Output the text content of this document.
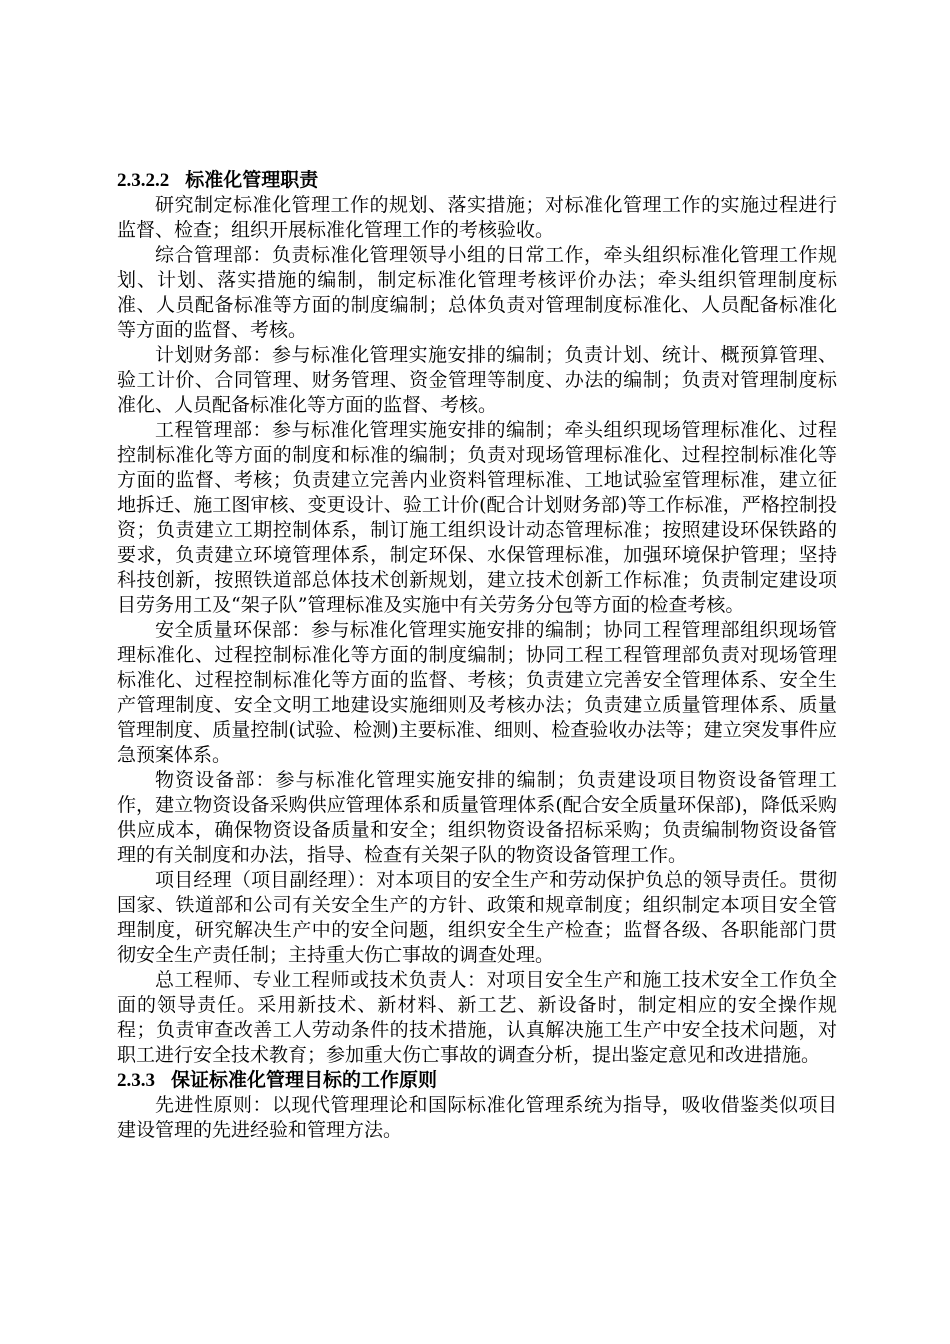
2.3.2.2 标准化管理职责

研究制定标准化管理工作的规划、落实措施；对标准化管理工作的实施过程进行监督、检查；组织开展标准化管理工作的考核验收。

综合管理部：负责标准化管理领导小组的日常工作，牵头组织标准化管理工作规划、计划、落实措施的编制，制定标准化管理考核评价办法；牵头组织管理制度标准、人员配备标准等方面的制度编制；总体负责对管理制度标准化、人员配备标准化等方面的监督、考核。

计划财务部：参与标准化管理实施安排的编制；负责计划、统计、概预算管理、验工计价、合同管理、财务管理、资金管理等制度、办法的编制；负责对管理制度标准化、人员配备标准化等方面的监督、考核。

工程管理部：参与标准化管理实施安排的编制；牵头组织现场管理标准化、过程控制标准化等方面的制度和标准的编制；负责对现场管理标准化、过程控制标准化等方面的监督、考核；负责建立完善内业资料管理标准、工地试验室管理标准，建立征地拆迁、施工图审核、变更设计、验工计价(配合计划财务部)等工作标准，严格控制投资；负责建立工期控制体系，制订施工组织设计动态管理标准；按照建设环保铁路的要求，负责建立环境管理体系，制定环保、水保管理标准，加强环境保护管理；坚持科技创新，按照铁道部总体技术创新规划，建立技术创新工作标准；负责制定建设项目劳务用工及“架子队”管理标准及实施中有关劳务分包等方面的检查考核。

安全质量环保部：参与标准化管理实施安排的编制；协同工程管理部组织现场管理标准化、过程控制标准化等方面的制度编制；协同工程工程管理部负责对现场管理标准化、过程控制标准化等方面的监督、考核；负责建立完善安全管理体系、安全生产管理制度、安全文明工地建设实施细则及考核办法；负责建立质量管理体系、质量管理制度、质量控制(试验、检测)主要标准、细则、检查验收办法等；建立突发事件应急预案体系。

物资设备部：参与标准化管理实施安排的编制；负责建设项目物资设备管理工作，建立物资设备采购供应管理体系和质量管理体系(配合安全质量环保部)，降低采购供应成本，确保物资设备质量和安全；组织物资设备招标采购；负责编制物资设备管理的有关制度和办法，指导、检查有关架子队的物资设备管理工作。

项目经理（项目副经理）：对本项目的安全生产和劳动保护负总的领导责任。贯彻国家、铁道部和公司有关安全生产的方针、政策和规章制度；组织制定本项目安全管理制度，研究解决生产中的安全问题，组织安全生产检查；监督各级、各职能部门贯彻安全生产责任制；主持重大伤亡事故的调查处理。

总工程师、专业工程师或技术负责人：对项目安全生产和施工技术安全工作负全面的领导责任。采用新技术、新材料、新工艺、新设备时，制定相应的安全操作规程；负责审查改善工人劳动条件的技术措施，认真解决施工生产中安全技术问题，对职工进行安全技术教育；参加重大伤亡事故的调查分析，提出鉴定意见和改进措施。

2.3.3 保证标准化管理目标的工作原则

先进性原则：以现代管理理论和国际标准化管理系统为指导，吸收借鉴类似项目建设管理的先进经验和管理方法。
